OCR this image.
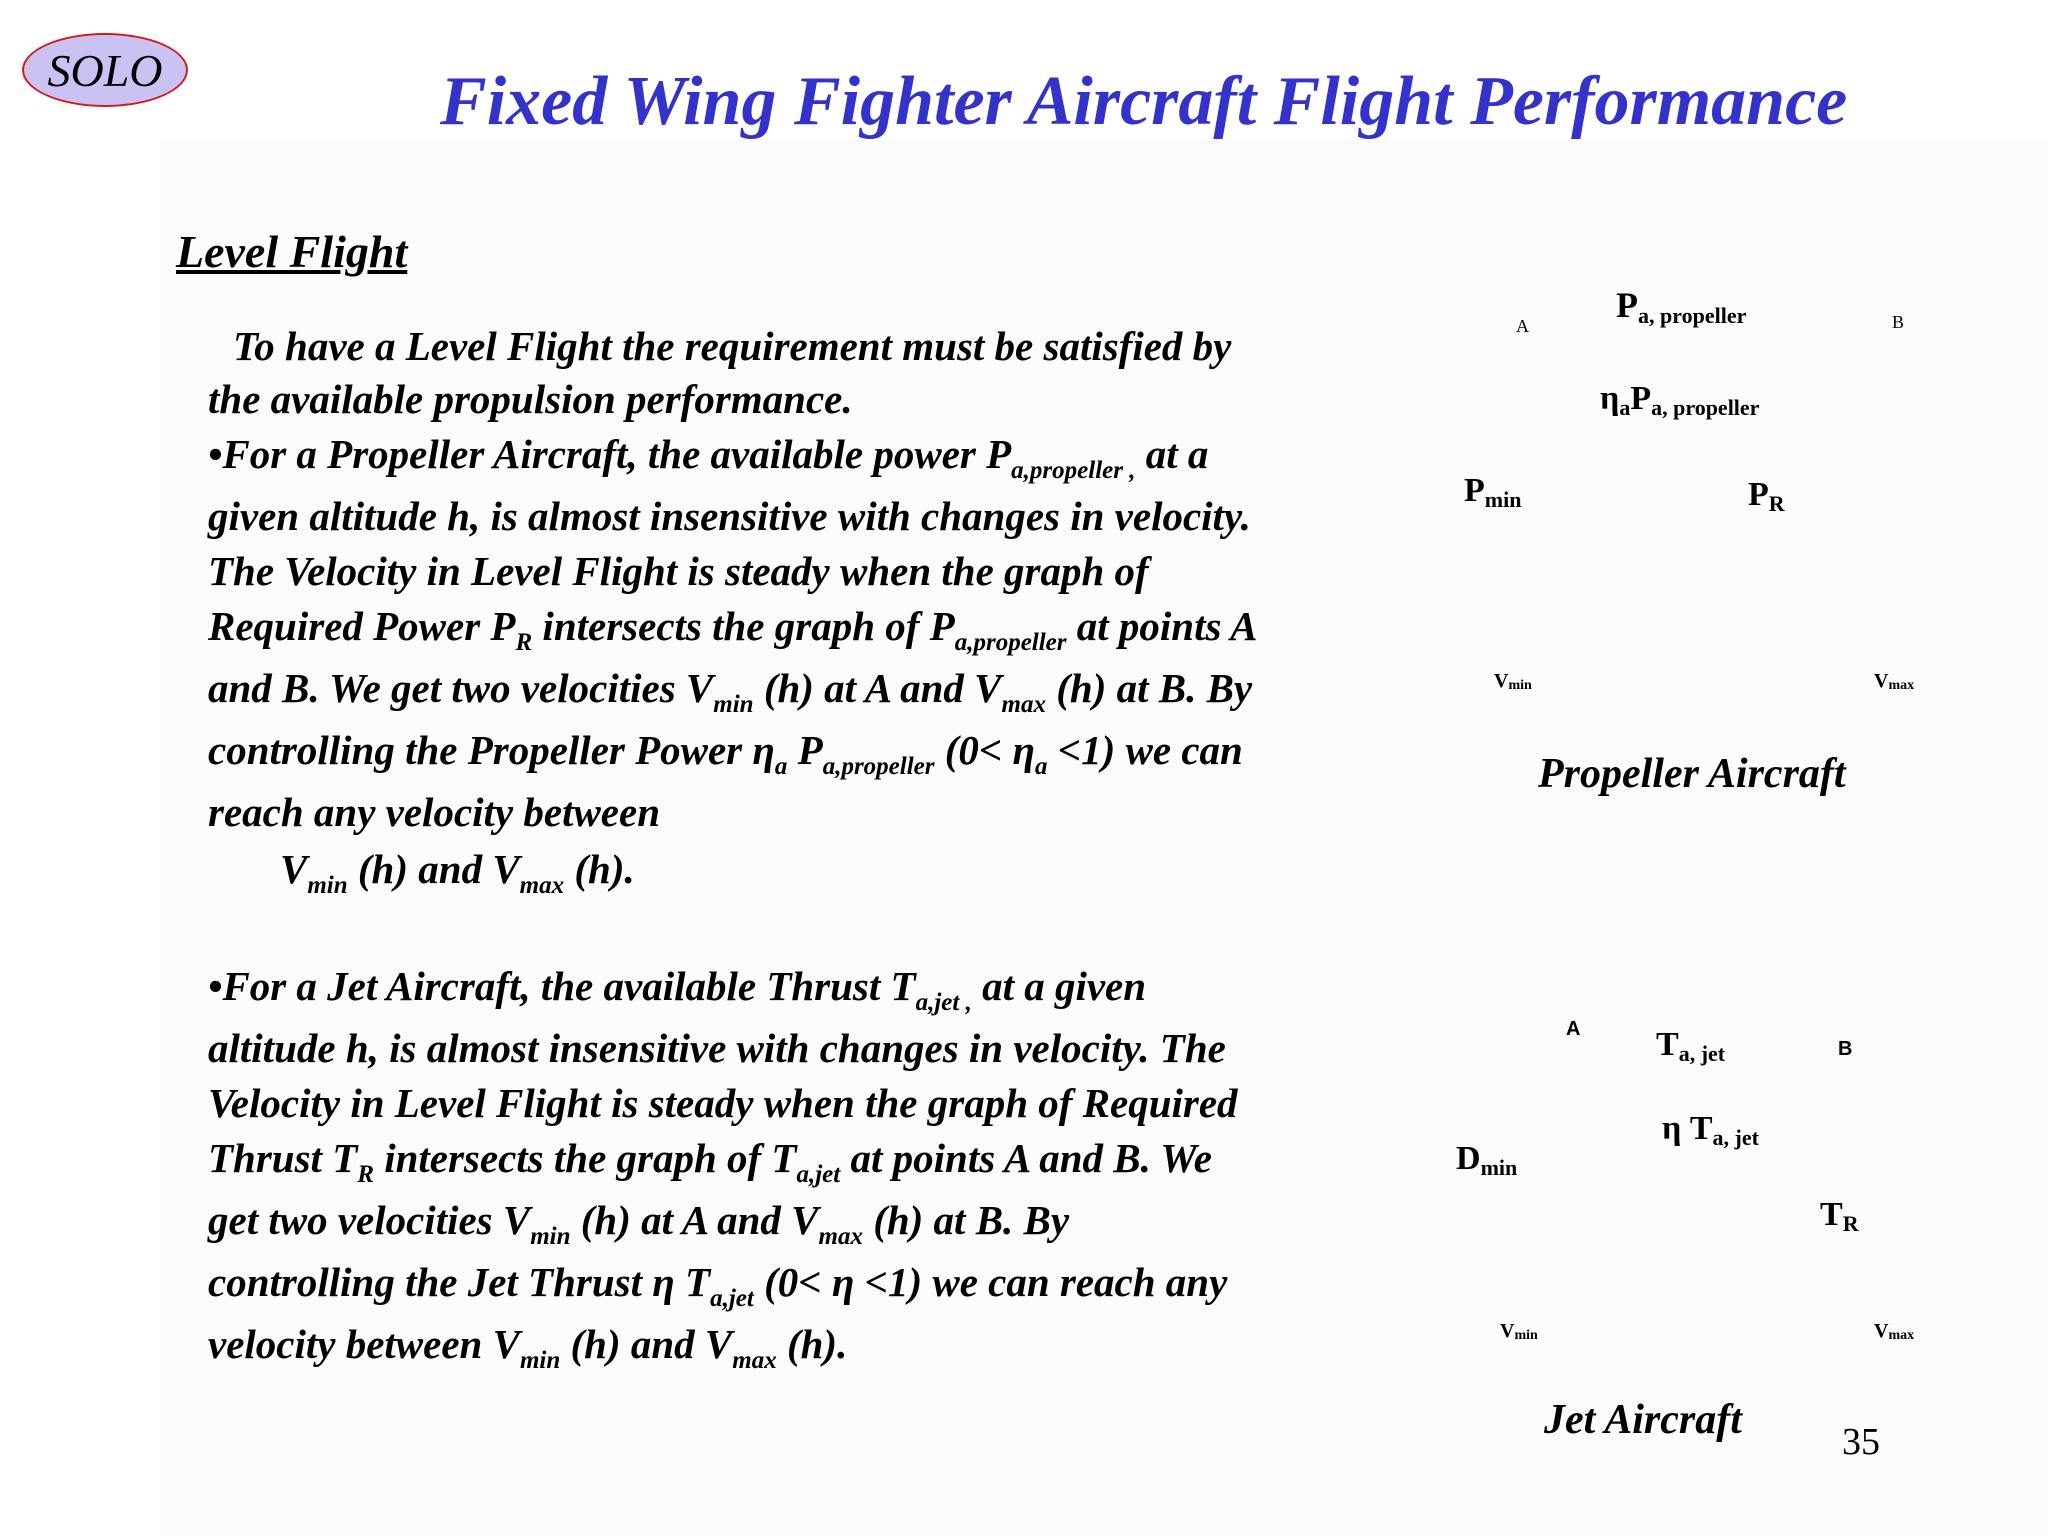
SOLO	Fixed Wing Fighter Aircraft Flight Performance
Level Flight
To have a Level Flight the requirement must be satisfied by
the available propulsion performance.
•For a Propeller Aircraft, the available power $P_{a,propeller ,}$ at a
given altitude h, is almost insensitive with changes in velocity.
The Velocity in Level Flight is steady when the graph of
Required Power $P_R$ intersects the graph of $P_{a,propeller}$ at points A
and B. We get two velocities $V_{min}$ (h) at A and $V_{max}$ (h) at B. By
controlling the Propeller Power $\eta_a$ $P_{a,propeller}$ $(0< \eta_a <1)$ we can
reach any velocity between
$V_{min}$ (h) and $V_{max}$ (h).
•For a Jet Aircraft, the available Thrust $T_{a,jet ,}$ at a given
altitude h, is almost insensitive with changes in velocity. The
Velocity in Level Flight is steady when the graph of Required
Thrust $T_R$ intersects the graph of $T_{a,jet}$ at points A and B. We
get two velocities $V_{min}$ (h) at A and $V_{max}$ (h) at B. By
controlling the Jet Thrust η $T_{a,jet}$ (0< η <1) we can reach any
velocity between $V_{min}$ (h) and $V_{max}$ (h).
A	B
$P_{a, propeller}$
$\eta_aP_{a, propeller}$
$P_{min}$	$P_R$
$V_{min}$	$V_{max}$
Propeller Aircraft
A
B
$T_{a, jet}$
η $T_{a, jet}$
$D_{min}$
$T_R$
$V_{min}$	$V_{max}$
Jet Aircraft	35
